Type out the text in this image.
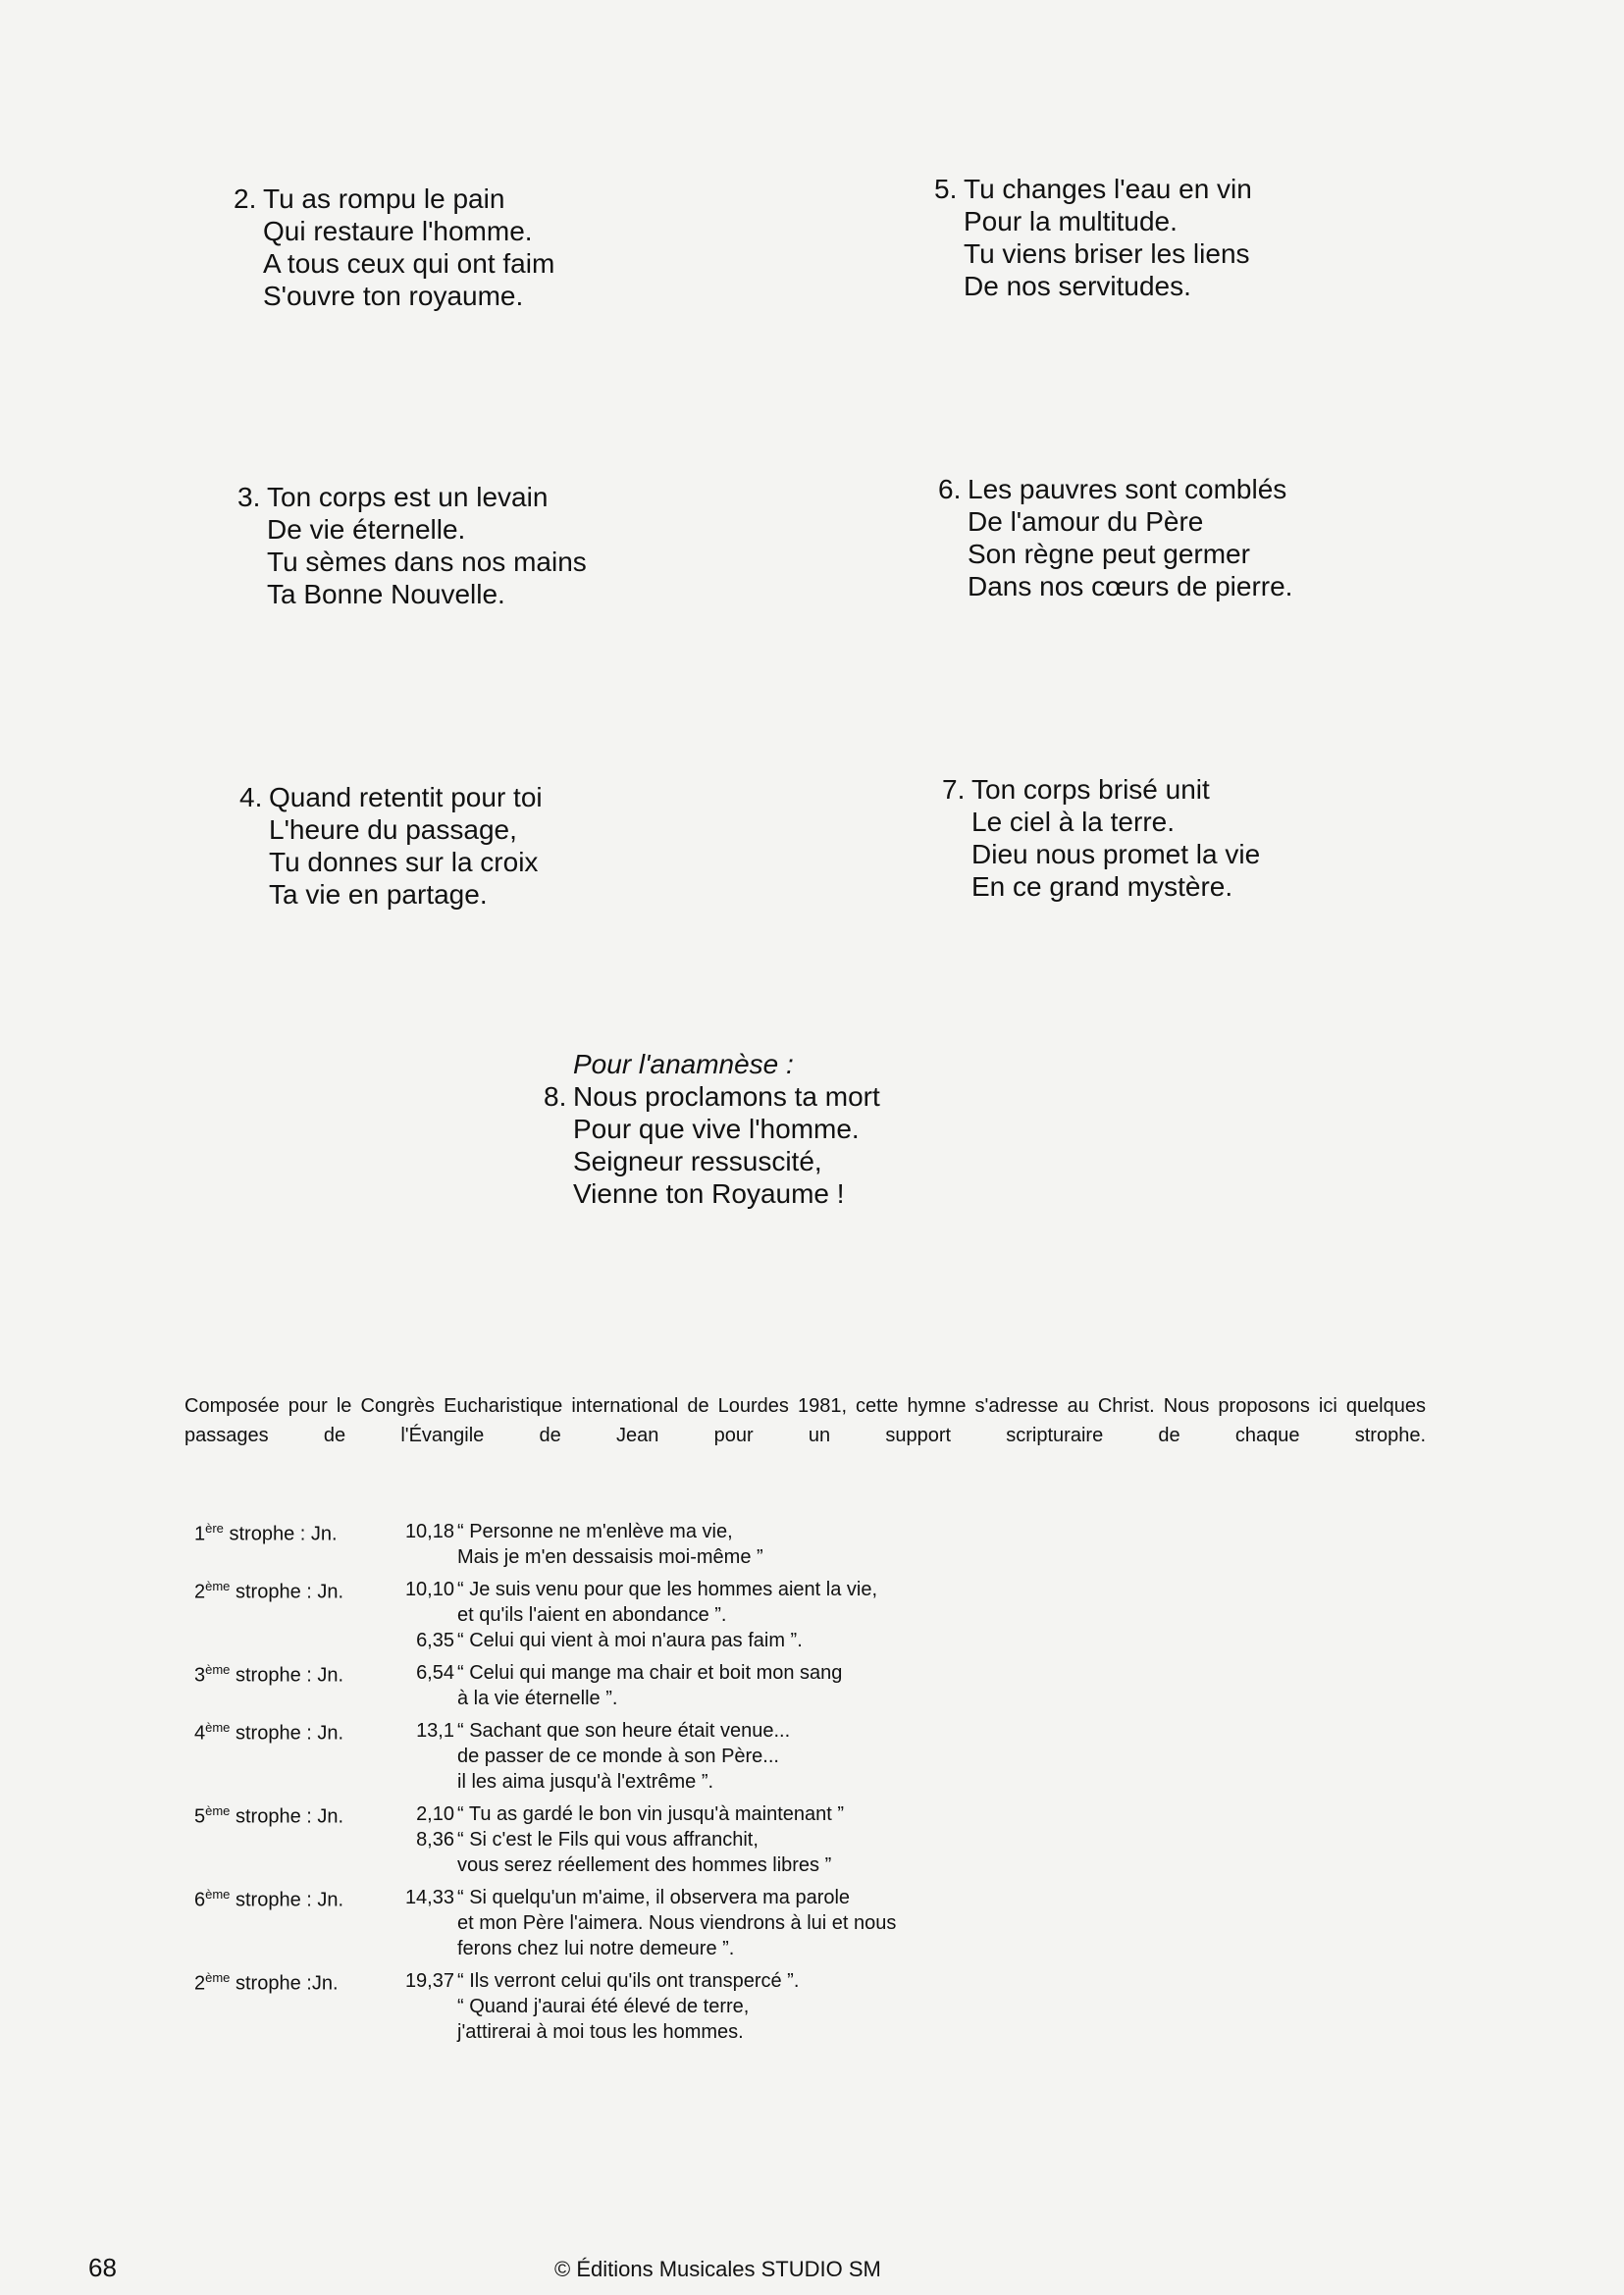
2. Tu as rompu le pain
Qui restaure l'homme.
A tous ceux qui ont faim
S'ouvre ton royaume.
3. Ton corps est un levain
De vie éternelle.
Tu sèmes dans nos mains
Ta Bonne Nouvelle.
4. Quand retentit pour toi
L'heure du passage,
Tu donnes sur la croix
Ta vie en partage.
5. Tu changes l'eau en vin
Pour la multitude.
Tu viens briser les liens
De nos servitudes.
6. Les pauvres sont comblés
De l'amour du Père
Son règne peut germer
Dans nos cœurs de pierre.
7. Ton corps brisé unit
Le ciel à la terre.
Dieu nous promet la vie
En ce grand mystère.
Pour l'anamnèse :
8. Nous proclamons ta mort
Pour que vive l'homme.
Seigneur ressuscité,
Vienne ton Royaume !
Composée pour le Congrès Eucharistique international de Lourdes 1981, cette hymne s'adresse au Christ. Nous proposons ici quelques passages de l'Évangile de Jean pour un support scripturaire de chaque strophe.
1ère strophe : Jn.	10,18 “ Personne ne m'enlève ma vie,
Mais je m'en dessaisis moi-même ”
2ème strophe : Jn.	10,10 “ Je suis venu pour que les hommes aient la vie,
et qu'ils l'aient en abondance ”.
6,35 “ Celui qui vient à moi n'aura pas faim ”.
3ème strophe : Jn.	6,54 “ Celui qui mange ma chair et boit mon sang
à la vie éternelle ”.
4ème strophe : Jn.	13,1 “ Sachant que son heure était venue...
de passer de ce monde à son Père...
il les aima jusqu'à l'extrême ”.
5ème strophe : Jn.	2,10 “ Tu as gardé le bon vin jusqu'à maintenant ”
8,36 “ Si c'est le Fils qui vous affranchit,
vous serez réellement des hommes libres ”
6ème strophe : Jn.	14,33 “ Si quelqu'un m'aime, il observera ma parole
et mon Père l'aimera. Nous viendrons à lui et nous
ferons chez lui notre demeure ”.
2ème strophe :Jn.	19,37 “ Ils verront celui qu'ils ont transpercé ”.
“ Quand j'aurai été élevé de terre,
j'attirerai à moi tous les hommes.
68	© Éditions Musicales STUDIO SM
